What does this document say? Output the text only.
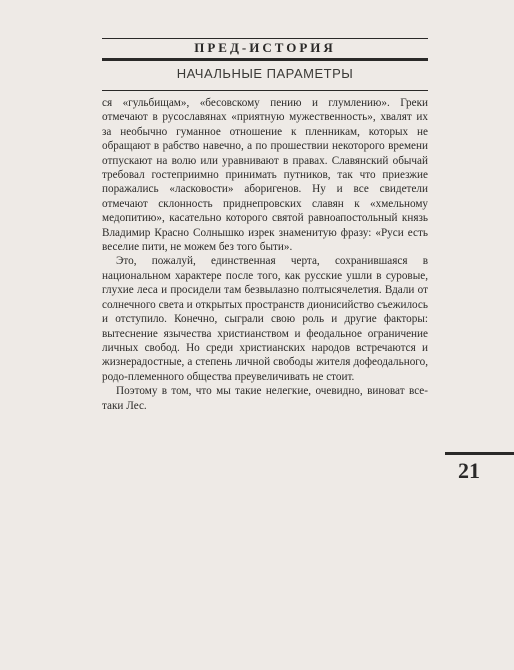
ПРЕД-ИСТОРИЯ
НАЧАЛЬНЫЕ ПАРАМЕТРЫ

ся «гульбищам», «бесовскому пению и глумлению». Греки отмечают в русославянах «приятную мужественность», хвалят их за необычно гуманное отношение к пленникам, которых не обращают в рабство навечно, а по прошествии некоторого времени отпускают на волю или уравнивают в правах. Славянский обычай требовал гостеприимно принимать путников, так что приезжие поражались «ласковости» аборигенов. Ну и все свидетели отмечают склонность приднепровских славян к «хмельному медопитию», касательно которого святой равноапостольный князь Владимир Красно Солнышко изрек знаменитую фразу: «Руси есть веселие пити, не можем без того быти».

Это, пожалуй, единственная черта, сохранившаяся в национальном характере после того, как русские ушли в суровые, глухие леса и просидели там безвылазно полтысячелетия. Вдали от солнечного света и открытых пространств дионисийство съежилось и отступило. Конечно, сыграли свою роль и другие факторы: вытеснение язычества христианством и феодальное ограничение личных свобод. Но среди христианских народов встречаются и жизнерадостные, а степень личной свободы жителя дофеодального, родо-племенного общества преувеличивать не стоит.

Поэтому в том, что мы такие нелегкие, очевидно, виноват все-таки Лес.

21
